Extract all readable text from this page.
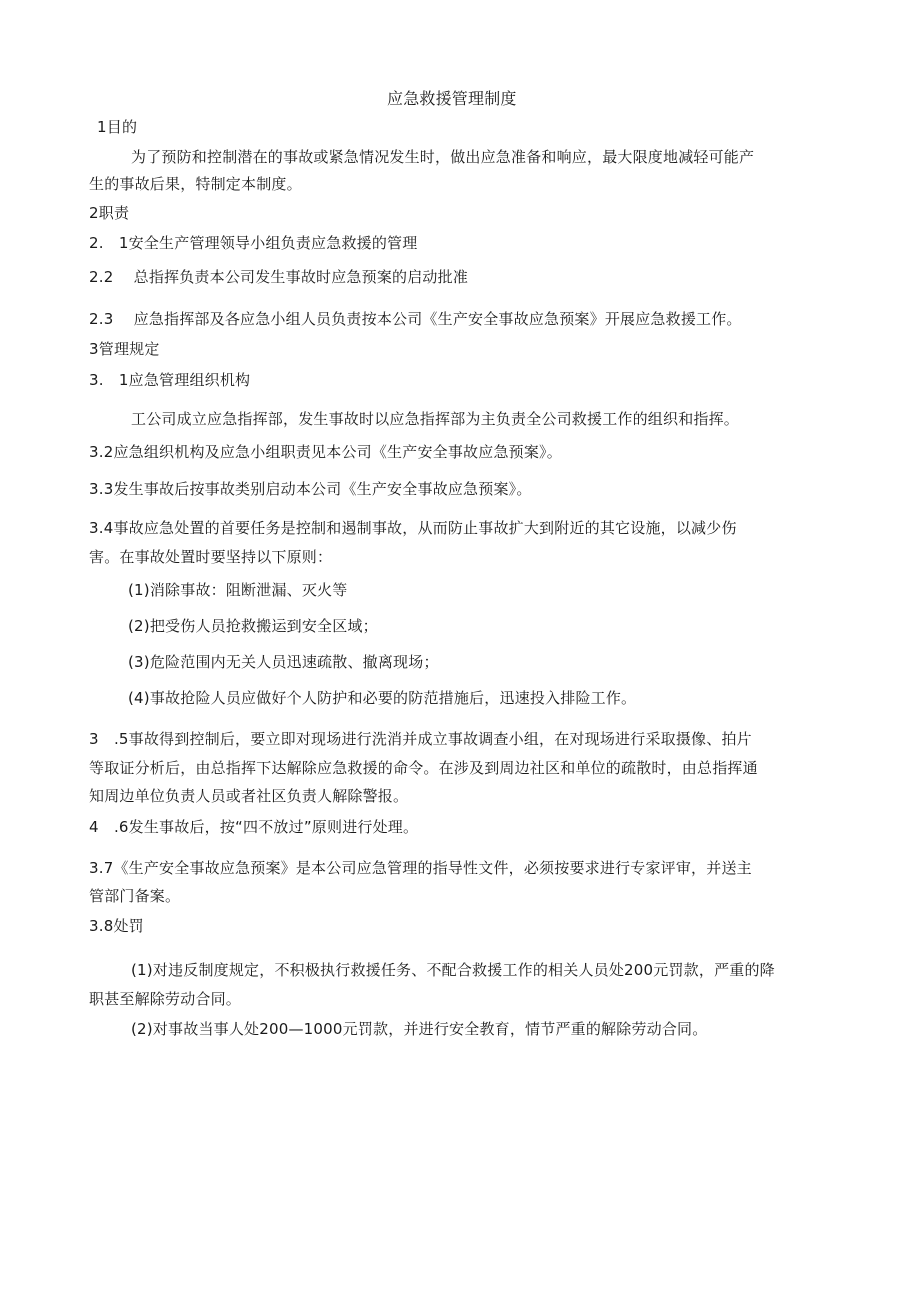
应急救援管理制度

1目的

为了预防和控制潜在的事故或紧急情况发生时，做出应急准备和响应，最大限度地减轻可能产

生的事故后果，特制定本制度。

2职责

2.　1安全生产管理领导小组负责应急救援的管理

2.2　 总指挥负责本公司发生事故时应急预案的启动批准

2.3　 应急指挥部及各应急小组人员负责按本公司《生产安全事故应急预案》开展应急救援工作。

3管理规定

3.　1应急管理组织机构

工公司成立应急指挥部，发生事故时以应急指挥部为主负责全公司救援工作的组织和指挥。

3.2应急组织机构及应急小组职责见本公司《生产安全事故应急预案》。

3.3发生事故后按事故类别启动本公司《生产安全事故应急预案》。

3.4事故应急处置的首要任务是控制和遏制事故，从而防止事故扩大到附近的其它设施，以减少伤

害。在事故处置时要坚持以下原则：

(1)消除事故：阻断泄漏、灭火等

(2)把受伤人员抢救搬运到安全区域；

(3)危险范围内无关人员迅速疏散、撤离现场；

(4)事故抢险人员应做好个人防护和必要的防范措施后，迅速投入排险工作。

3　.5事故得到控制后，要立即对现场进行洗消并成立事故调查小组，在对现场进行采取摄像、拍片

等取证分析后，由总指挥下达解除应急救援的命令。在涉及到周边社区和单位的疏散时，由总指挥通

知周边单位负责人员或者社区负责人解除警报。

4　.6发生事故后，按“四不放过”原则进行处理。

3.7《生产安全事故应急预案》是本公司应急管理的指导性文件，必须按要求进行专家评审，并送主

管部门备案。

3.8处罚

(1)对违反制度规定，不积极执行救援任务、不配合救援工作的相关人员处200元罚款，严重的降

职甚至解除劳动合同。

(2)对事故当事人处200—1000元罚款，并进行安全教育，情节严重的解除劳动合同。
